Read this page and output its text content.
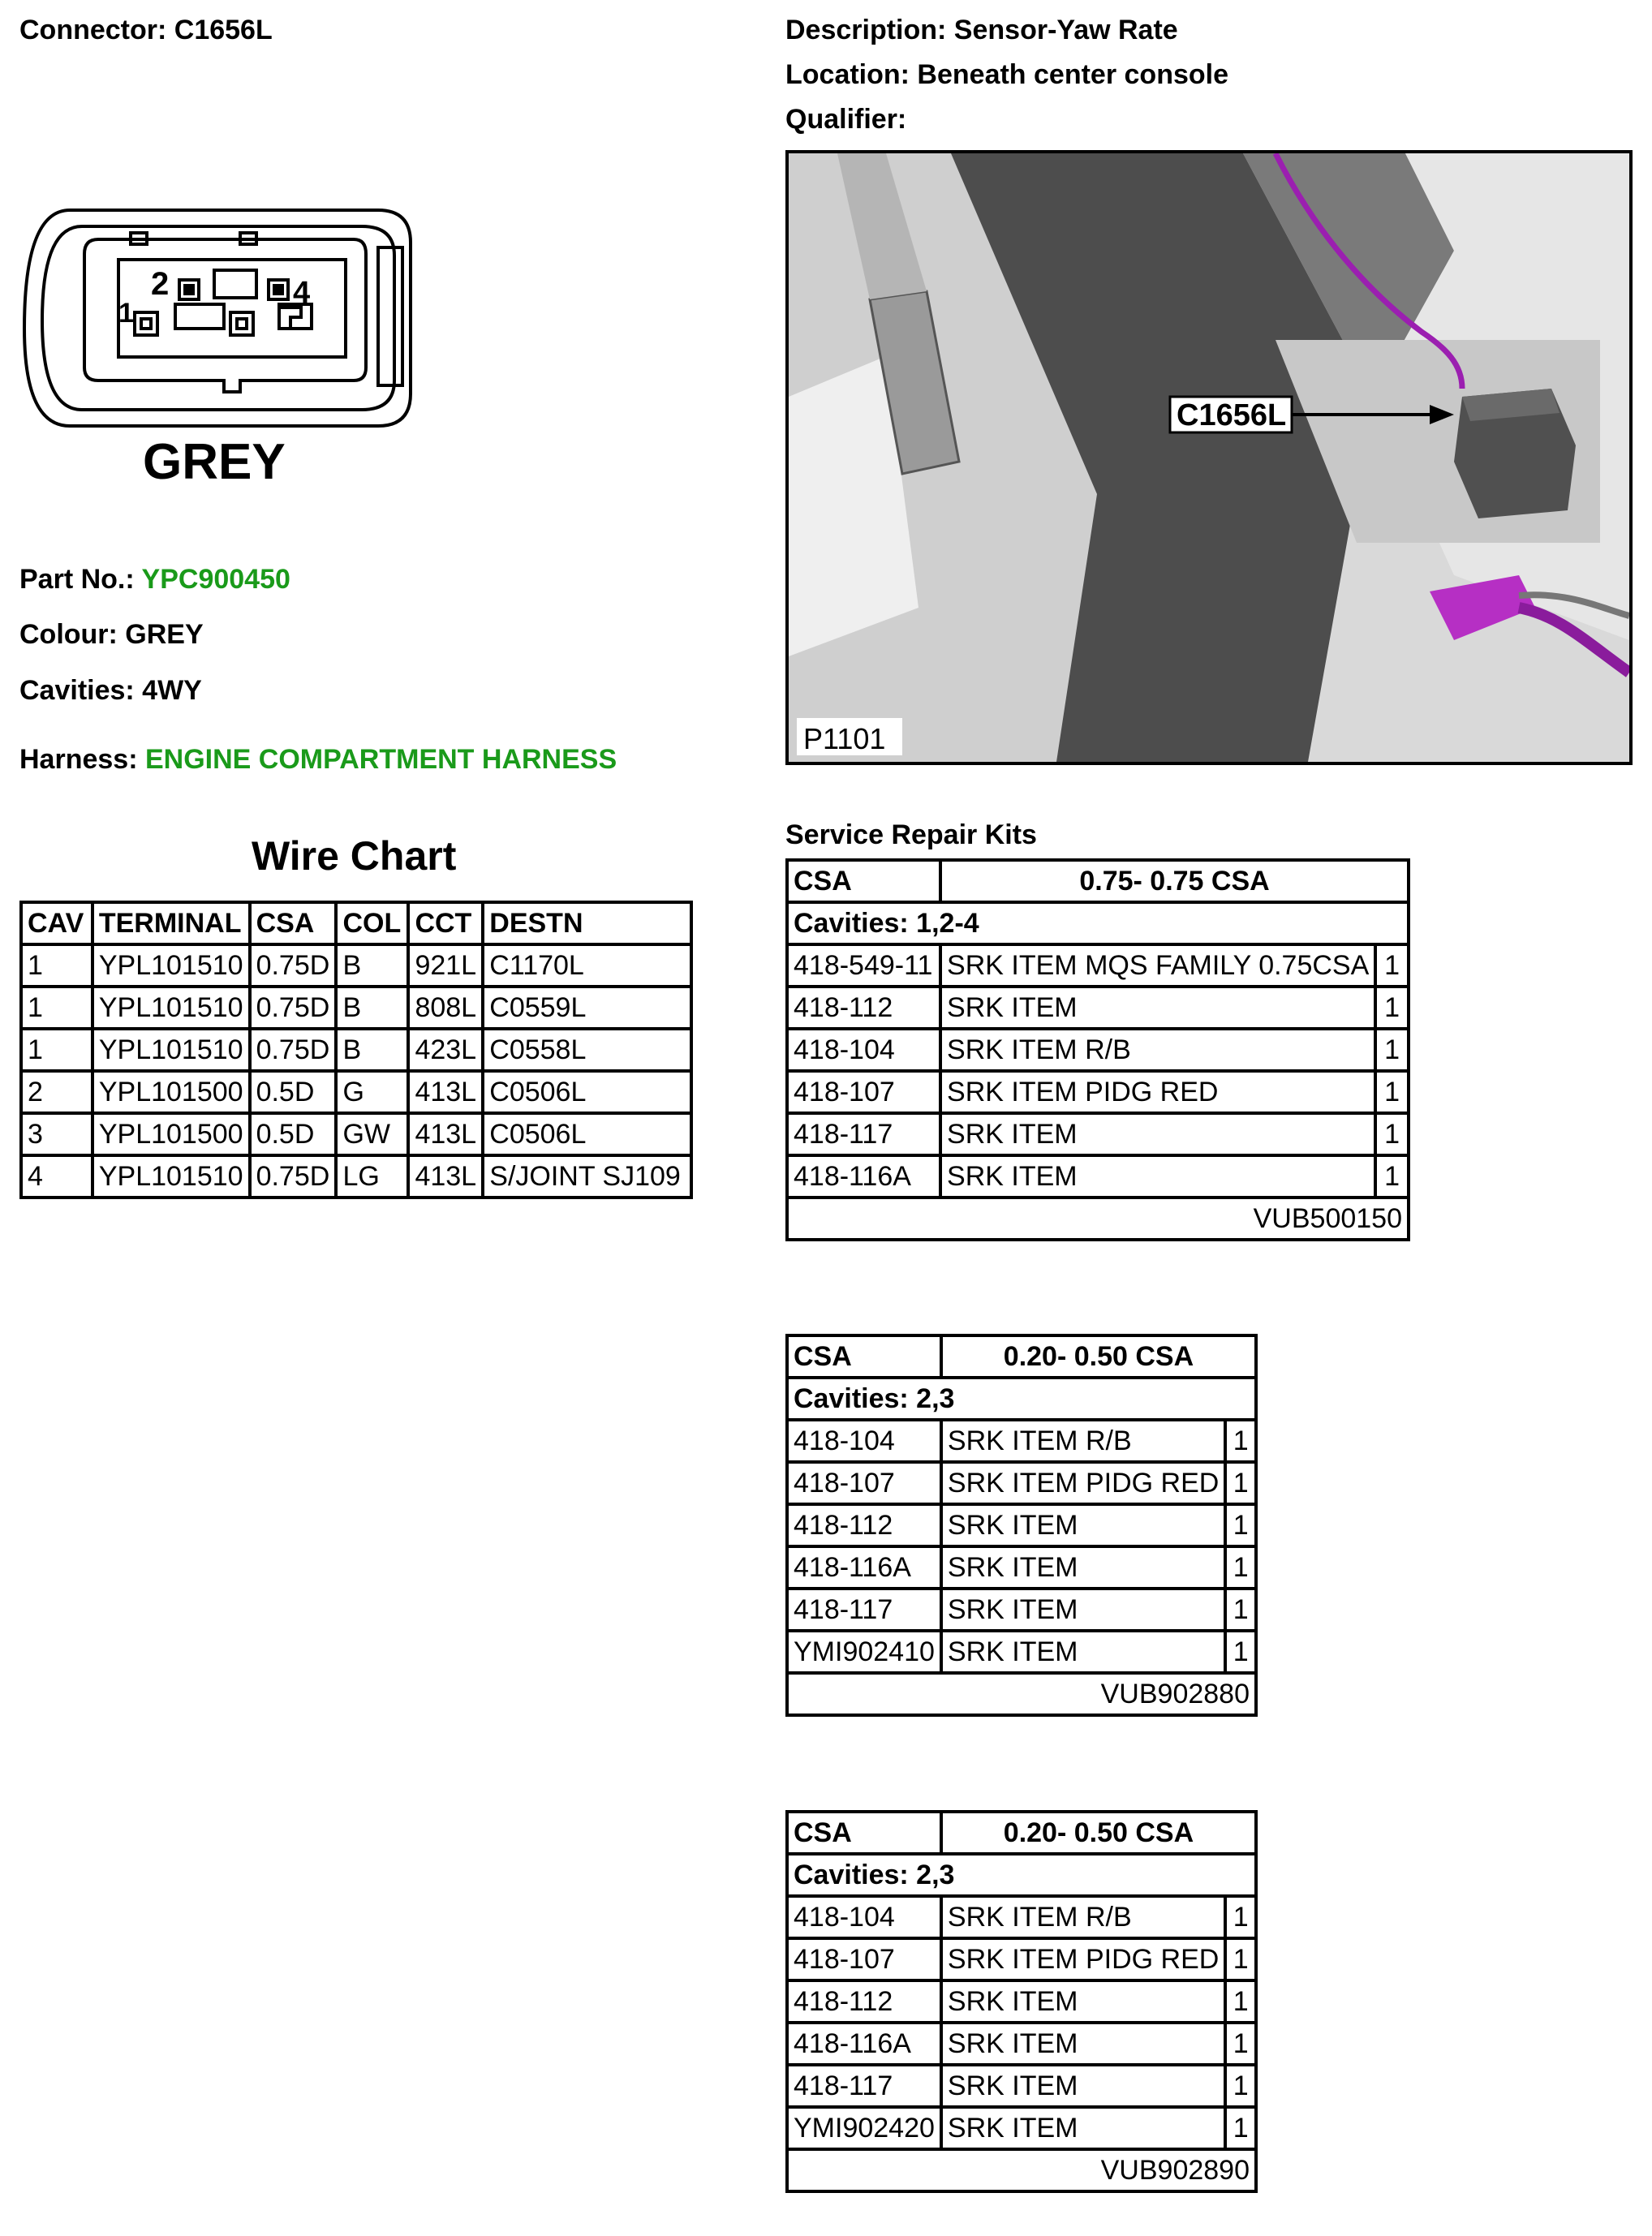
Connector: C1656L	Description: Sensor-Yaw Rate
Location: Beneath center console
Qualifier:
1
2	4
GREY
C1656L
P1101
Part No.: YPC900450
Colour: GREY
Cavities: 4WY
Harness: ENGINE COMPARTMENT HARNESS
Wire Chart
CAV	TERMINAL	CSA	COL	CCT	DESTN
1	YPL101510	0.75D	B	921L	C1170L
1	YPL101510	0.75D	B	808L	C0559L
1	YPL101510	0.75D	B	423L	C0558L
2	YPL101500	0.5D	G	413L	C0506L
3	YPL101500	0.5D	GW	413L	C0506L
4	YPL101510	0.75D	LG	413L	S/JOINT SJ109
Service Repair Kits
CSA	0.75- 0.75 CSA	
Cavities: 1,2-4		
418-549-11	SRK ITEM MQS FAMILY 0.75CSA	1
418-112	SRK ITEM	1
418-104	SRK ITEM R/B	1
418-107	SRK ITEM PIDG RED	1
418-117	SRK ITEM	1
418-116A	SRK ITEM	1
VUB500150		
CSA	0.20- 0.50 CSA	
Cavities: 2,3		
418-104	SRK ITEM R/B	1
418-107	SRK ITEM PIDG RED	1
418-112	SRK ITEM	1
418-116A	SRK ITEM	1
418-117	SRK ITEM	1
YMI902410	SRK ITEM	1
VUB902880		
CSA	0.20- 0.50 CSA	
Cavities: 2,3		
418-104	SRK ITEM R/B	1
418-107	SRK ITEM PIDG RED	1
418-112	SRK ITEM	1
418-116A	SRK ITEM	1
418-117	SRK ITEM	1
YMI902420	SRK ITEM	1
VUB902890		
